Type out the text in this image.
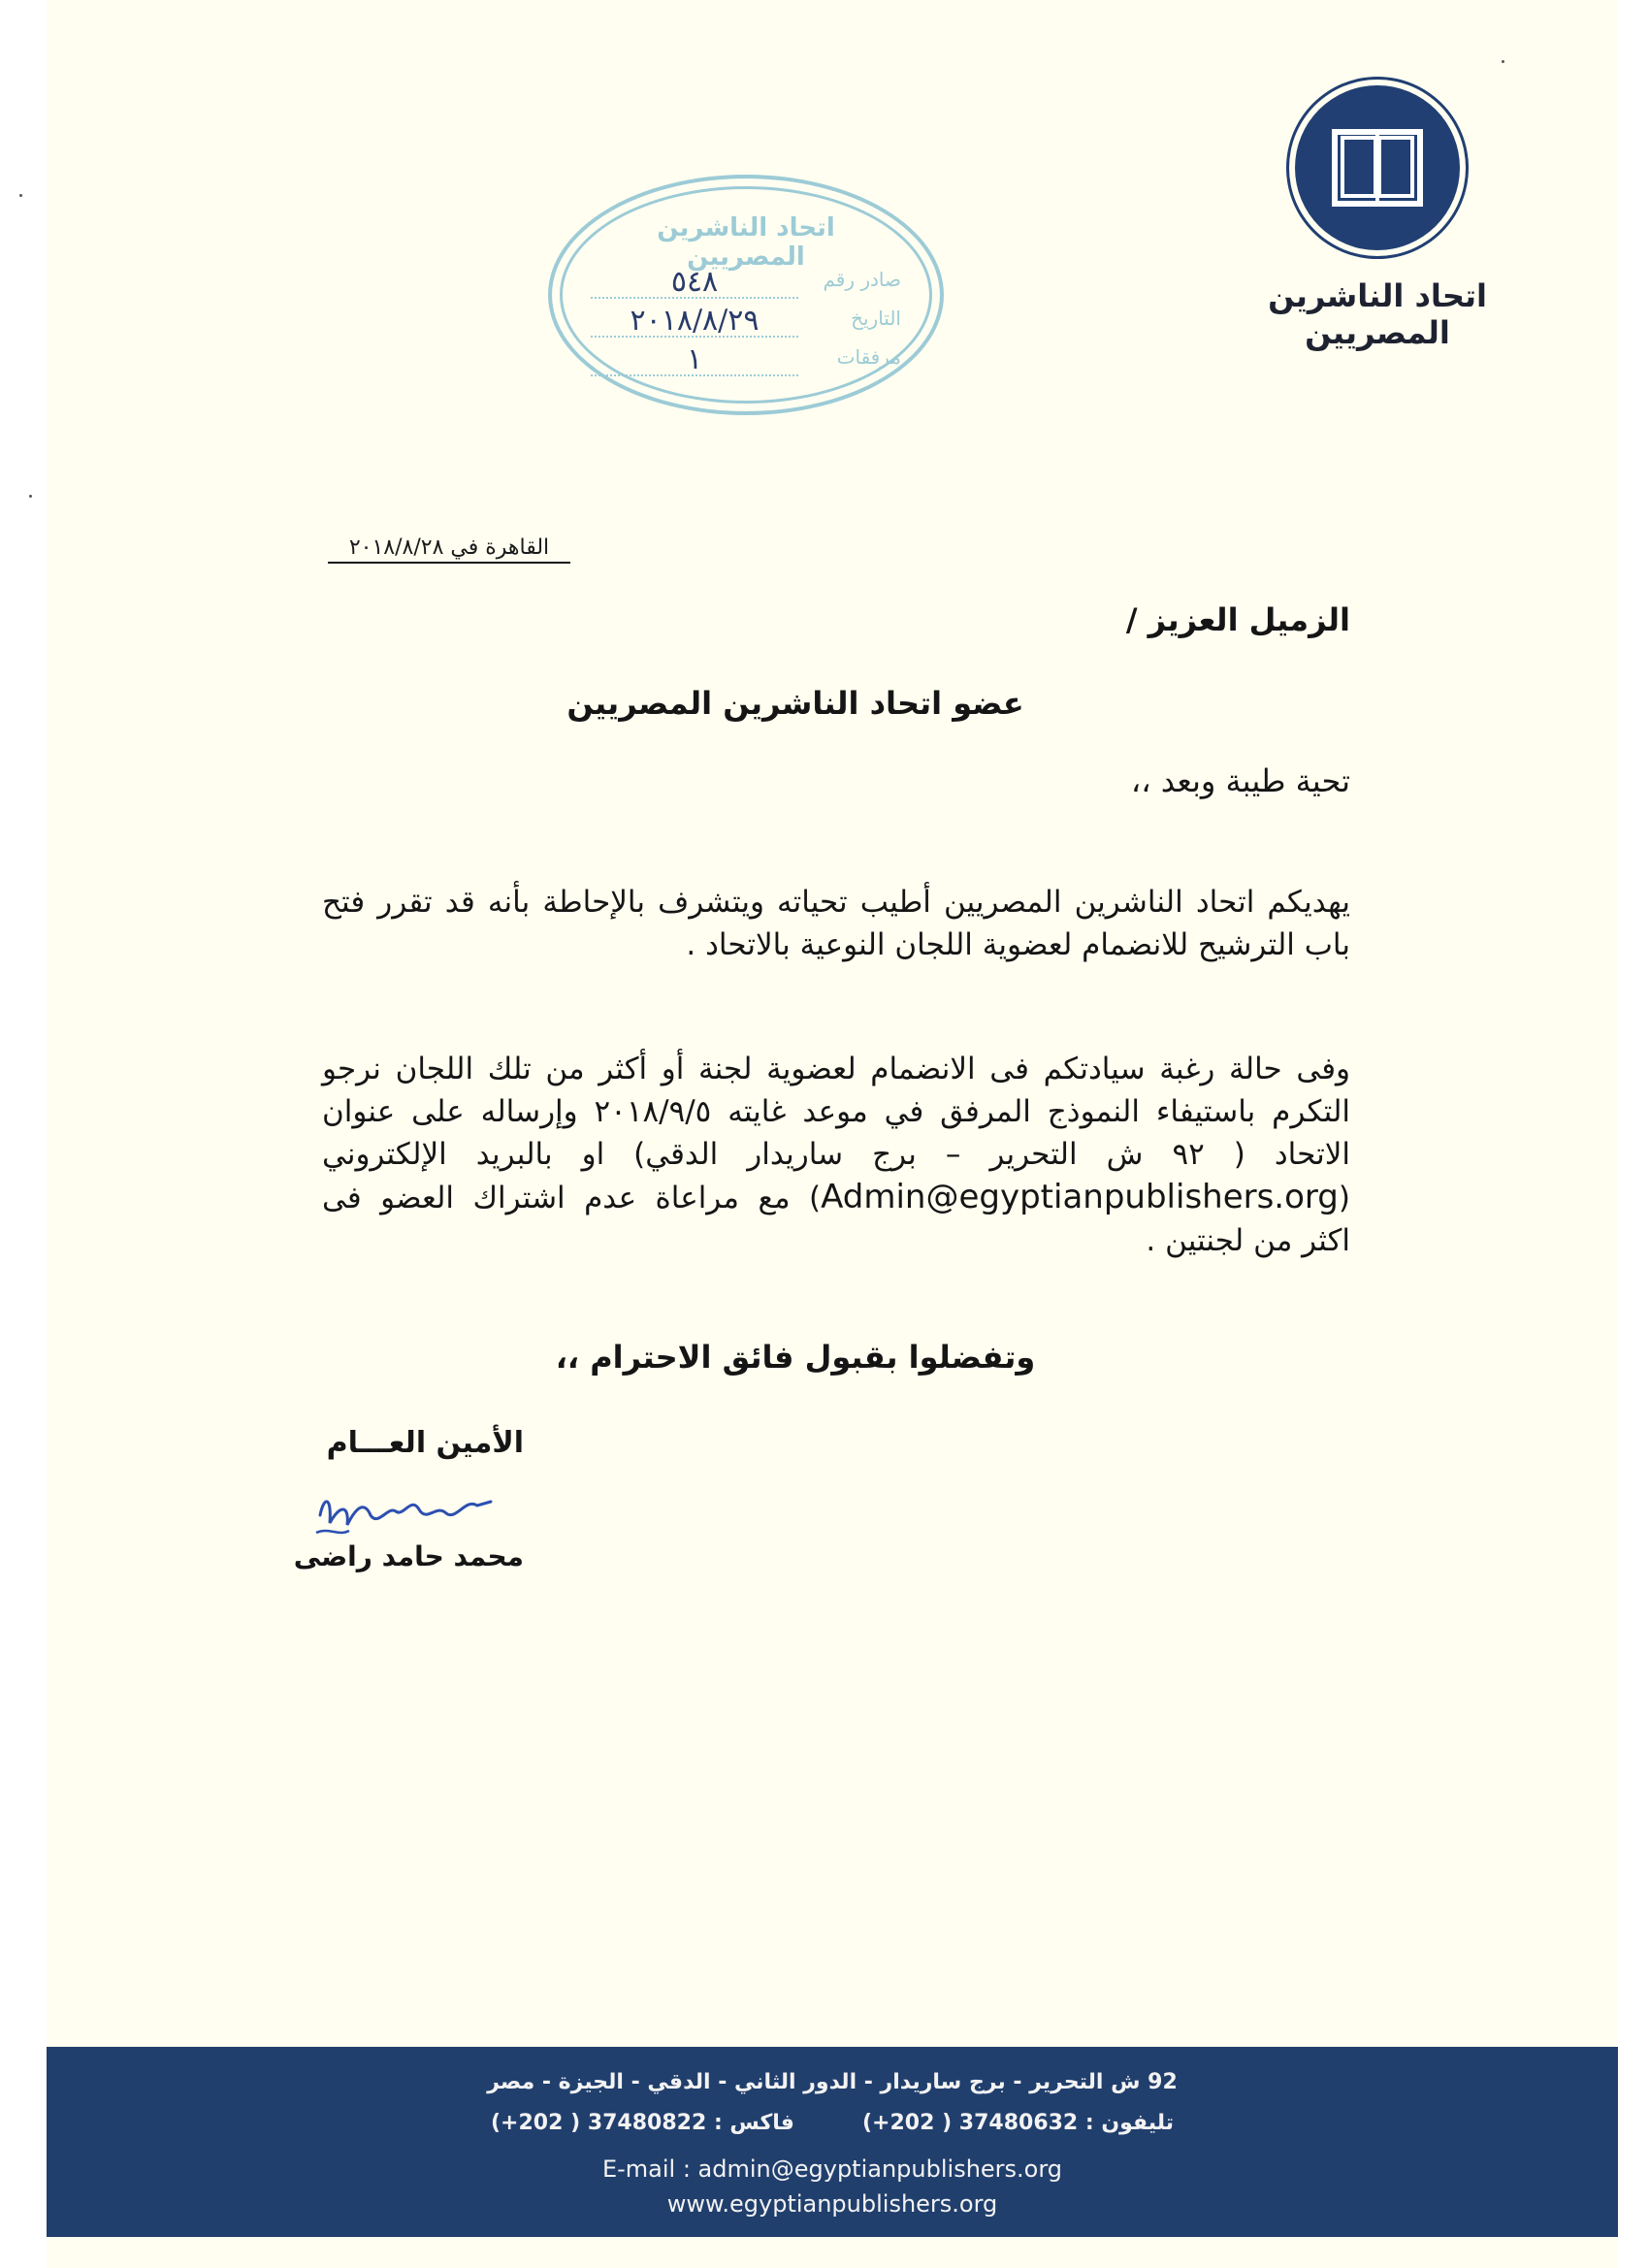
اتحاد الناشرين المصريين
اتحاد الناشرين المصريين
صادر رقم
٥٤٨
التاريخ
٢٠١٨/٨/٢٩
مرفقات
١
القاهرة في ٢٠١٨/٨/٢٨
الزميل العزيز /
عضو اتحاد الناشرين المصريين
تحية طيبة وبعد ،،
يهديكم اتحاد الناشرين المصريين أطيب تحياته ويتشرف بالإحاطة بأنه قد تقرر فتح باب الترشيح للانضمام لعضوية اللجان النوعية بالاتحاد .
وفى حالة رغبة سيادتكم فى الانضمام لعضوية لجنة أو أكثر من تلك اللجان نرجو التكرم باستيفاء النموذج المرفق في موعد غايته ٢٠١٨/٩/٥ وإرساله على عنوان الاتحاد ( ٩٢ ش التحرير – برج ساريدار الدقي) او بالبريد الإلكتروني (Admin@egyptianpublishers.org) مع مراعاة عدم اشتراك العضو فى اكثر من لجنتين .
وتفضلوا بقبول فائق الاحترام ،،
الأمين العـــام
محمد حامد راضى
92 ش التحرير - برج ساريدار - الدور الثاني - الدقي - الجيزة - مصر
تليفون : 37480632 ( 202+)
فاكس : 37480822 ( 202+)
E-mail : admin@egyptianpublishers.org
www.egyptianpublishers.org
